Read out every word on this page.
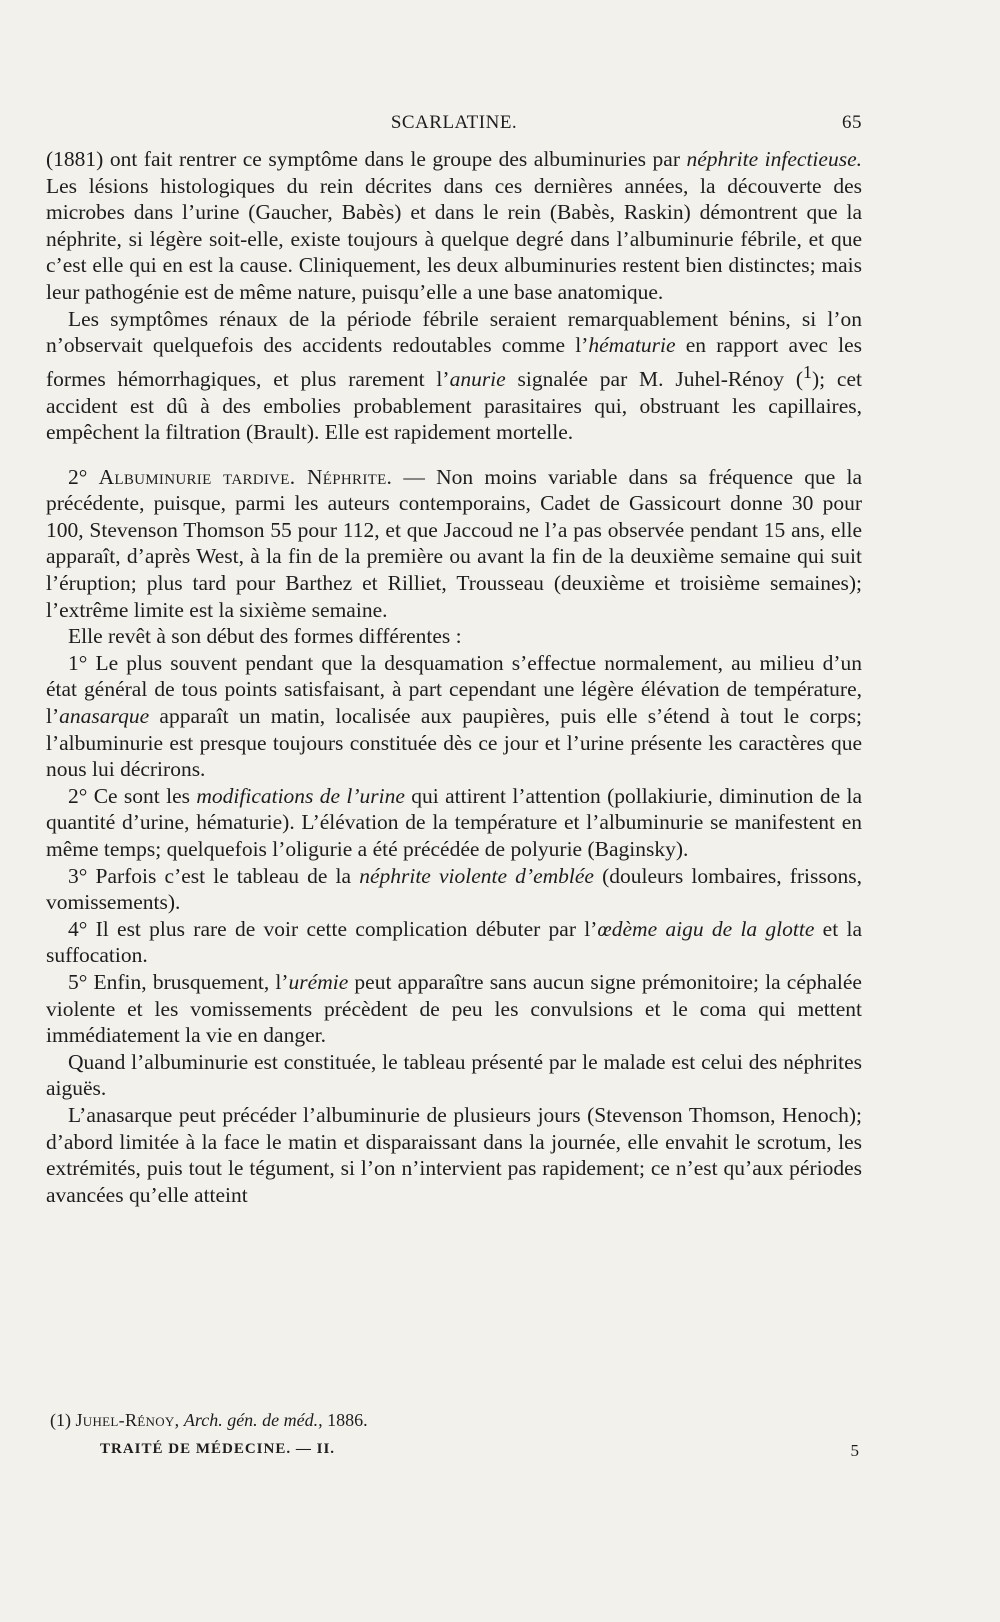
SCARLATINE.	65

(1881) ont fait rentrer ce symptôme dans le groupe des albuminuries par néphrite infectieuse. Les lésions histologiques du rein décrites dans ces dernières années, la découverte des microbes dans l’urine (Gaucher, Babès) et dans le rein (Babès, Raskin) démontrent que la néphrite, si légère soit-elle, existe toujours à quelque degré dans l’albuminurie fébrile, et que c’est elle qui en est la cause. Cliniquement, les deux albuminuries restent bien distinctes; mais leur pathogénie est de même nature, puisqu’elle a une base anatomique.

Les symptômes rénaux de la période fébrile seraient remarquablement bénins, si l’on n’observait quelquefois des accidents redoutables comme l’hématurie en rapport avec les formes hémorrhagiques, et plus rarement l’anurie signalée par M. Juhel-Rénoy ($^1$); cet accident est dû à des embolies probablement parasitaires qui, obstruant les capillaires, empêchent la filtration (Brault). Elle est rapidement mortelle.

2° Albuminurie tardive. Néphrite. — Non moins variable dans sa fréquence que la précédente, puisque, parmi les auteurs contemporains, Cadet de Gassicourt donne 30 pour 100, Stevenson Thomson 55 pour 112, et que Jaccoud ne l’a pas observée pendant 15 ans, elle apparaît, d’après West, à la fin de la première ou avant la fin de la deuxième semaine qui suit l’éruption; plus tard pour Barthez et Rilliet, Trousseau (deuxième et troisième semaines); l’extrême limite est la sixième semaine.

Elle revêt à son début des formes différentes :

1° Le plus souvent pendant que la desquamation s’effectue normalement, au milieu d’un état général de tous points satisfaisant, à part cependant une légère élévation de température, l’anasarque apparaît un matin, localisée aux paupières, puis elle s’étend à tout le corps; l’albuminurie est presque toujours constituée dès ce jour et l’urine présente les caractères que nous lui décrirons.

2° Ce sont les modifications de l’urine qui attirent l’attention (pollakiurie, diminution de la quantité d’urine, hématurie). L’élévation de la température et l’albuminurie se manifestent en même temps; quelquefois l’oligurie a été précédée de polyurie (Baginsky).

3° Parfois c’est le tableau de la néphrite violente d’emblée (douleurs lombaires, frissons, vomissements).

4° Il est plus rare de voir cette complication débuter par l’œdème aigu de la glotte et la suffocation.

5° Enfin, brusquement, l’urémie peut apparaître sans aucun signe prémonitoire; la céphalée violente et les vomissements précèdent de peu les convulsions et le coma qui mettent immédiatement la vie en danger.

Quand l’albuminurie est constituée, le tableau présenté par le malade est celui des néphrites aiguës.

L’anasarque peut précéder l’albuminurie de plusieurs jours (Stevenson Thomson, Henoch); d’abord limitée à la face le matin et disparaissant dans la journée, elle envahit le scrotum, les extrémités, puis tout le tégument, si l’on n’intervient pas rapidement; ce n’est qu’aux périodes avancées qu’elle atteint

(1) Juhel-Rénoy, Arch. gén. de méd., 1886.
TRAITÉ DE MÉDECINE. — II.	5
